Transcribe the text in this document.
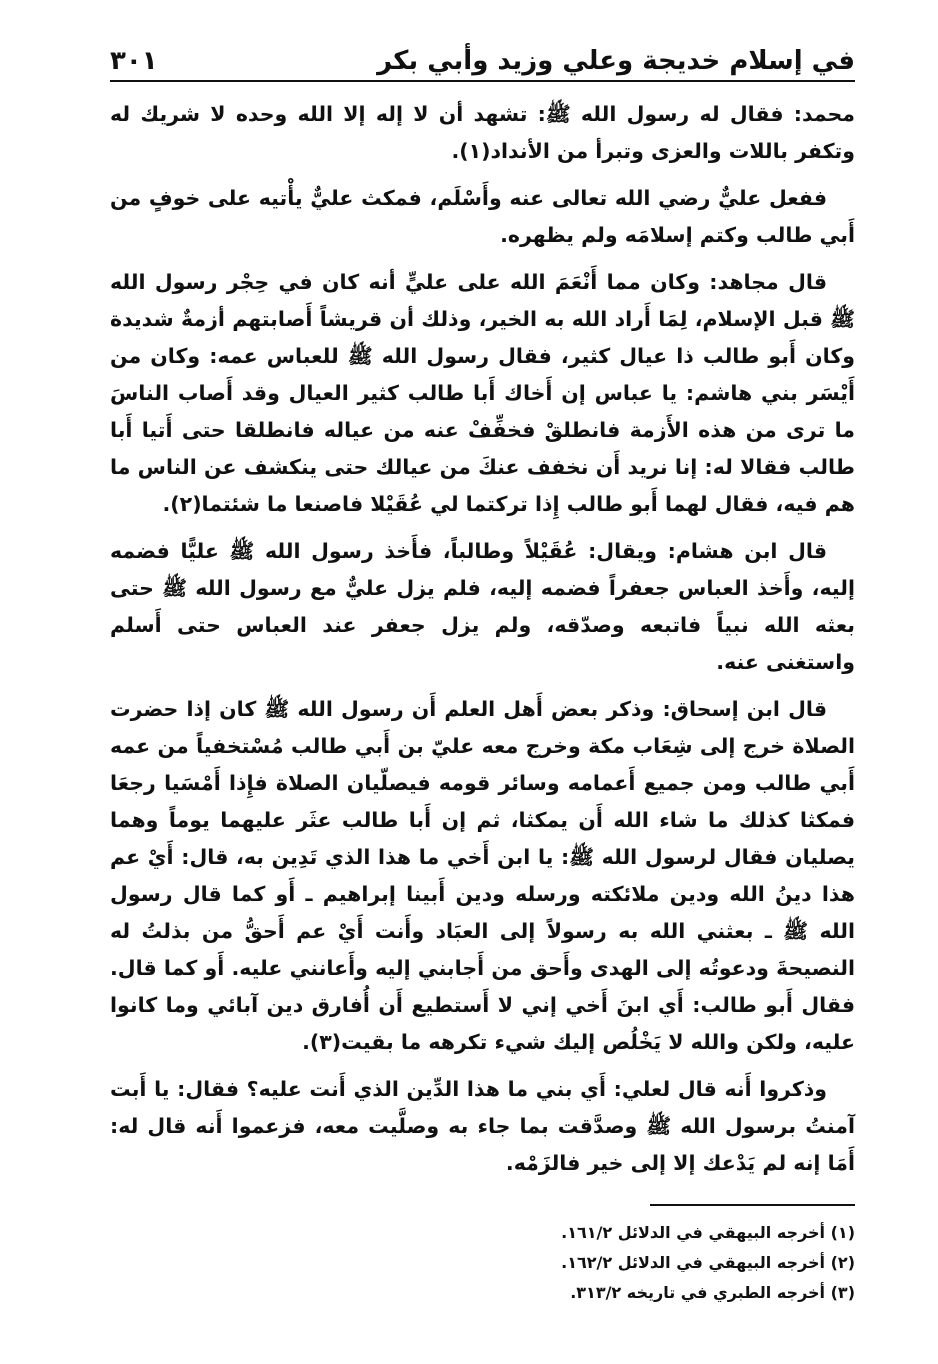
في إسلام خديجة وعلي وزيد وأبي بكر
٣٠١

محمد: فقال له رسول الله ﷺ: تشهد أن لا إله إلا الله وحده لا شريك له وتكفر باللات والعزى وتبرأ من الأنداد(١).

ففعل عليٌّ رضي الله تعالى عنه وأَسْلَم، فمكث عليٌّ يأْتيه على خوفٍ من أَبي طالب وكتم إسلامَه ولم يظهره.

قال مجاهد: وكان مما أَنْعَمَ الله على عليٍّ أنه كان في حِجْر رسول الله ﷺ قبل الإسلام، لِمَا أَراد الله به الخير، وذلك أن قريشاً أَصابتهم أزمةٌ شديدة وكان أَبو طالب ذا عيال كثير، فقال رسول الله ﷺ للعباس عمه: وكان من أَيْسَر بني هاشم: يا عباس إن أَخاك أَبا طالب كثير العيال وقد أَصاب الناسَ ما ترى من هذه الأَزمة فانطلقْ فخفِّفْ عنه من عياله فانطلقا حتى أَتيا أَبا طالب فقالا له: إنا نريد أَن نخفف عنكَ من عيالك حتى ينكشف عن الناس ما هم فيه، فقال لهما أَبو طالب إِذا تركتما لي عُقَيْلا فاصنعا ما شئتما(٢).

قال ابن هشام: ويقال: عُقَيْلاً وطالباً، فأَخذ رسول الله ﷺ عليًّا فضمه إليه، وأَخذ العباس جعفراً فضمه إليه، فلم يزل عليٌّ مع رسول الله ﷺ حتى بعثه الله نبياً فاتبعه وصدّقه، ولم يزل جعفر عند العباس حتى أَسلم واستغنى عنه.

قال ابن إسحاق: وذكر بعض أَهل العلم أَن رسول الله ﷺ كان إذا حضرت الصلاة خرج إلى شِعَاب مكة وخرج معه عليّ بن أَبي طالب مُسْتخفياً من عمه أَبي طالب ومن جميع أَعمامه وسائر قومه فيصلّيان الصلاة فإِذا أَمْسَيا رجعَا فمكثا كذلك ما شاء الله أَن يمكثا، ثم إن أَبا طالب عثَر عليهما يوماً وهما يصليان فقال لرسول الله ﷺ: يا ابن أَخي ما هذا الذي تَدِين به، قال: أَيْ عم هذا دينُ الله ودين ملائكته ورسله ودين أَبينا إبراهيم ـ أَو كما قال رسول الله ﷺ ـ بعثني الله به رسولاً إلى العبَاد وأَنت أَيْ عم أَحقُّ من بذلتُ له النصيحةَ ودعوتُه إلى الهدى وأَحق من أَجابني إليه وأَعانني عليه. أَو كما قال. فقال أَبو طالب: أَي ابنَ أَخي إني لا أَستطيع أَن أُفارق دين آبائي وما كانوا عليه، ولكن والله لا يَخْلُص إليك شيء تكرهه ما بقيت(٣).

وذكروا أَنه قال لعلي: أَي بني ما هذا الدِّين الذي أَنت عليه؟ فقال: يا أَبت آمنتُ برسول الله ﷺ وصدَّقت بما جاء به وصلَّيت معه، فزعموا أَنه قال له: أَمَا إنه لم يَدْعك إلا إلى خير فالزَمْه.

(١) أخرجه البيهقي في الدلائل ١٦١/٢.

(٢) أخرجه البيهقي في الدلائل ١٦٢/٢.

(٣) أخرجه الطبري في تاريخه ٣١٣/٢.
